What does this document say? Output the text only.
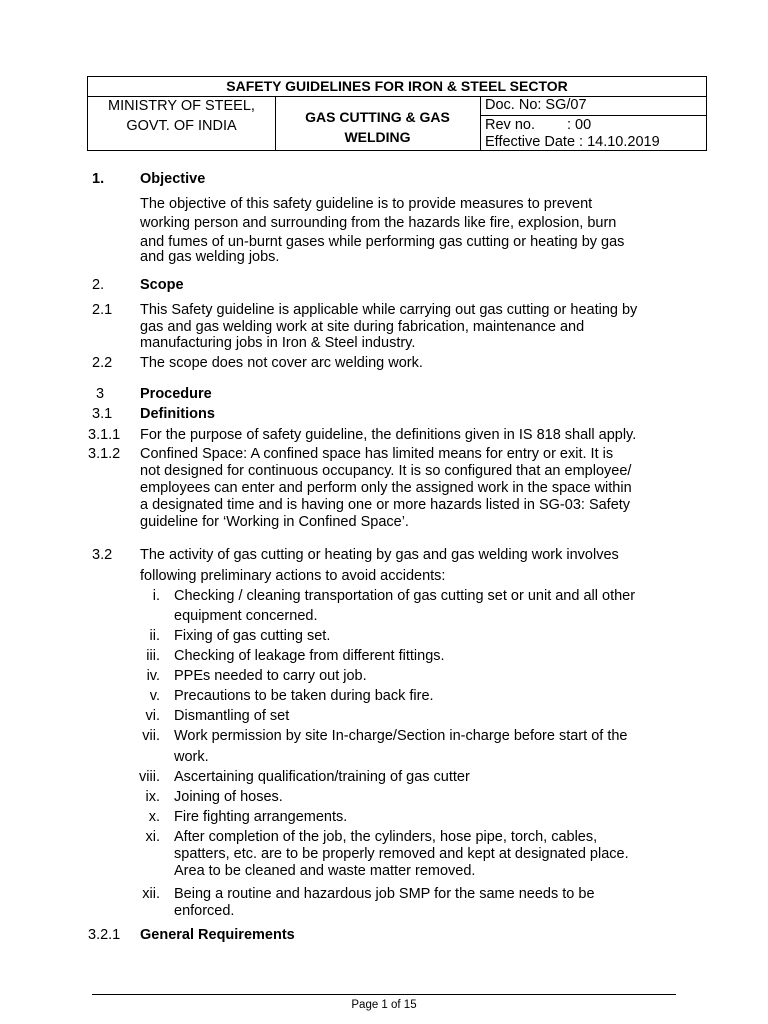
SAFETY GUIDELINES FOR IRON & STEEL SECTOR
MINISTRY OF STEEL,
GOVT. OF INDIA
GAS CUTTING & GAS
WELDING
Doc. No: SG/07
Rev no. : 00
Effective Date : 14.10.2019
1. Objective
The objective of this safety guideline is to provide measures to prevent
working person and surrounding from the hazards like fire, explosion, burn
and fumes of un-burnt gases while performing gas cutting or heating by gas
and gas welding jobs.
2. Scope
2.1 This Safety guideline is applicable while carrying out gas cutting or heating by
gas and gas welding work at site during fabrication, maintenance and
manufacturing jobs in Iron & Steel industry.
2.2 The scope does not cover arc welding work.
3 Procedure
3.1 Definitions
3.1.1 For the purpose of safety guideline, the definitions given in IS 818 shall apply.
3.1.2 Confined Space: A confined space has limited means for entry or exit. It is
not designed for continuous occupancy. It is so configured that an employee/
employees can enter and perform only the assigned work in the space within
a designated time and is having one or more hazards listed in SG-03: Safety
guideline for ‘Working in Confined Space’.
3.2 The activity of gas cutting or heating by gas and gas welding work involves
following preliminary actions to avoid accidents:
i. Checking / cleaning transportation of gas cutting set or unit and all other
equipment concerned.
ii. Fixing of gas cutting set.
iii. Checking of leakage from different fittings.
iv. PPEs needed to carry out job.
v. Precautions to be taken during back fire.
vi. Dismantling of set
vii. Work permission by site In-charge/Section in-charge before start of the
work.
viii. Ascertaining qualification/training of gas cutter
ix. Joining of hoses.
x. Fire fighting arrangements.
xi. After completion of the job, the cylinders, hose pipe, torch, cables,
spatters, etc. are to be properly removed and kept at designated place.
Area to be cleaned and waste matter removed.
xii. Being a routine and hazardous job SMP for the same needs to be
enforced.
3.2.1 General Requirements
Page 1 of 15
